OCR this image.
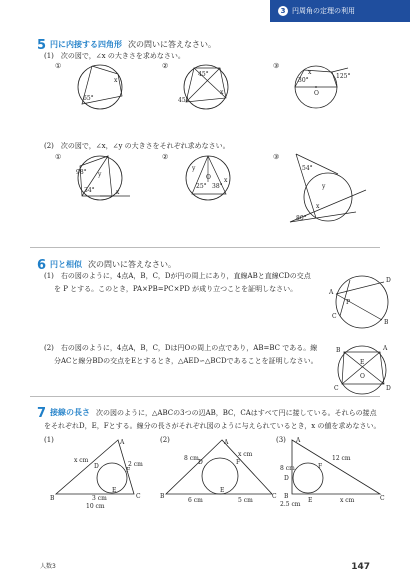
3 円周角の定理の利用
5 円に内接する四角形 次の問いに答えなさい。
(1)　次の図で，∠x の大きさを求めなさい。
①	②	③
x
65°
45°
x
45°
O
x
30°
125°
(2)　次の図で，∠x，∠y の大きさをそれぞれ求めなさい。
①	②	③
98° y
34°	x
y
O
25° 38°
x
54°
y
x
80°
6 円と相似 次の問いに答えなさい。
(1)　右の図のように，4点A，B，C，Dが円の周上にあり，直線ABと直線CDの交点
を P とする。このとき，PA×PB=PC×PD が成り立つことを証明しなさい。	A
D
P
C
B
(2)　右の図のように，4点A，B，C，Dは円Oの周上の点であり，AB=BC である。線
分ACと線分BDの交点をEとするとき，△AED∽△BCDであることを証明しなさい。
B	A
E
O
C	D
7 接線の長さ 次の図のように，△ABCの3つの辺AB，BC，CAはすべて円に接している。それらの接点
をそれぞれD，E，Fとする。線分の長さがそれぞれ図のように与えられているとき，x の値を求めなさい。
(1)	(2)	(3)
A
B	C
D
E
F
x cm
2 cm
3 cm
10 cm
A
B	C
D
E
F
8 cm
x cm
6 cm	5 cm
A
B	C
D
E
F
12 cm
8 cm
2.5 cm
x cm
人数3	147
